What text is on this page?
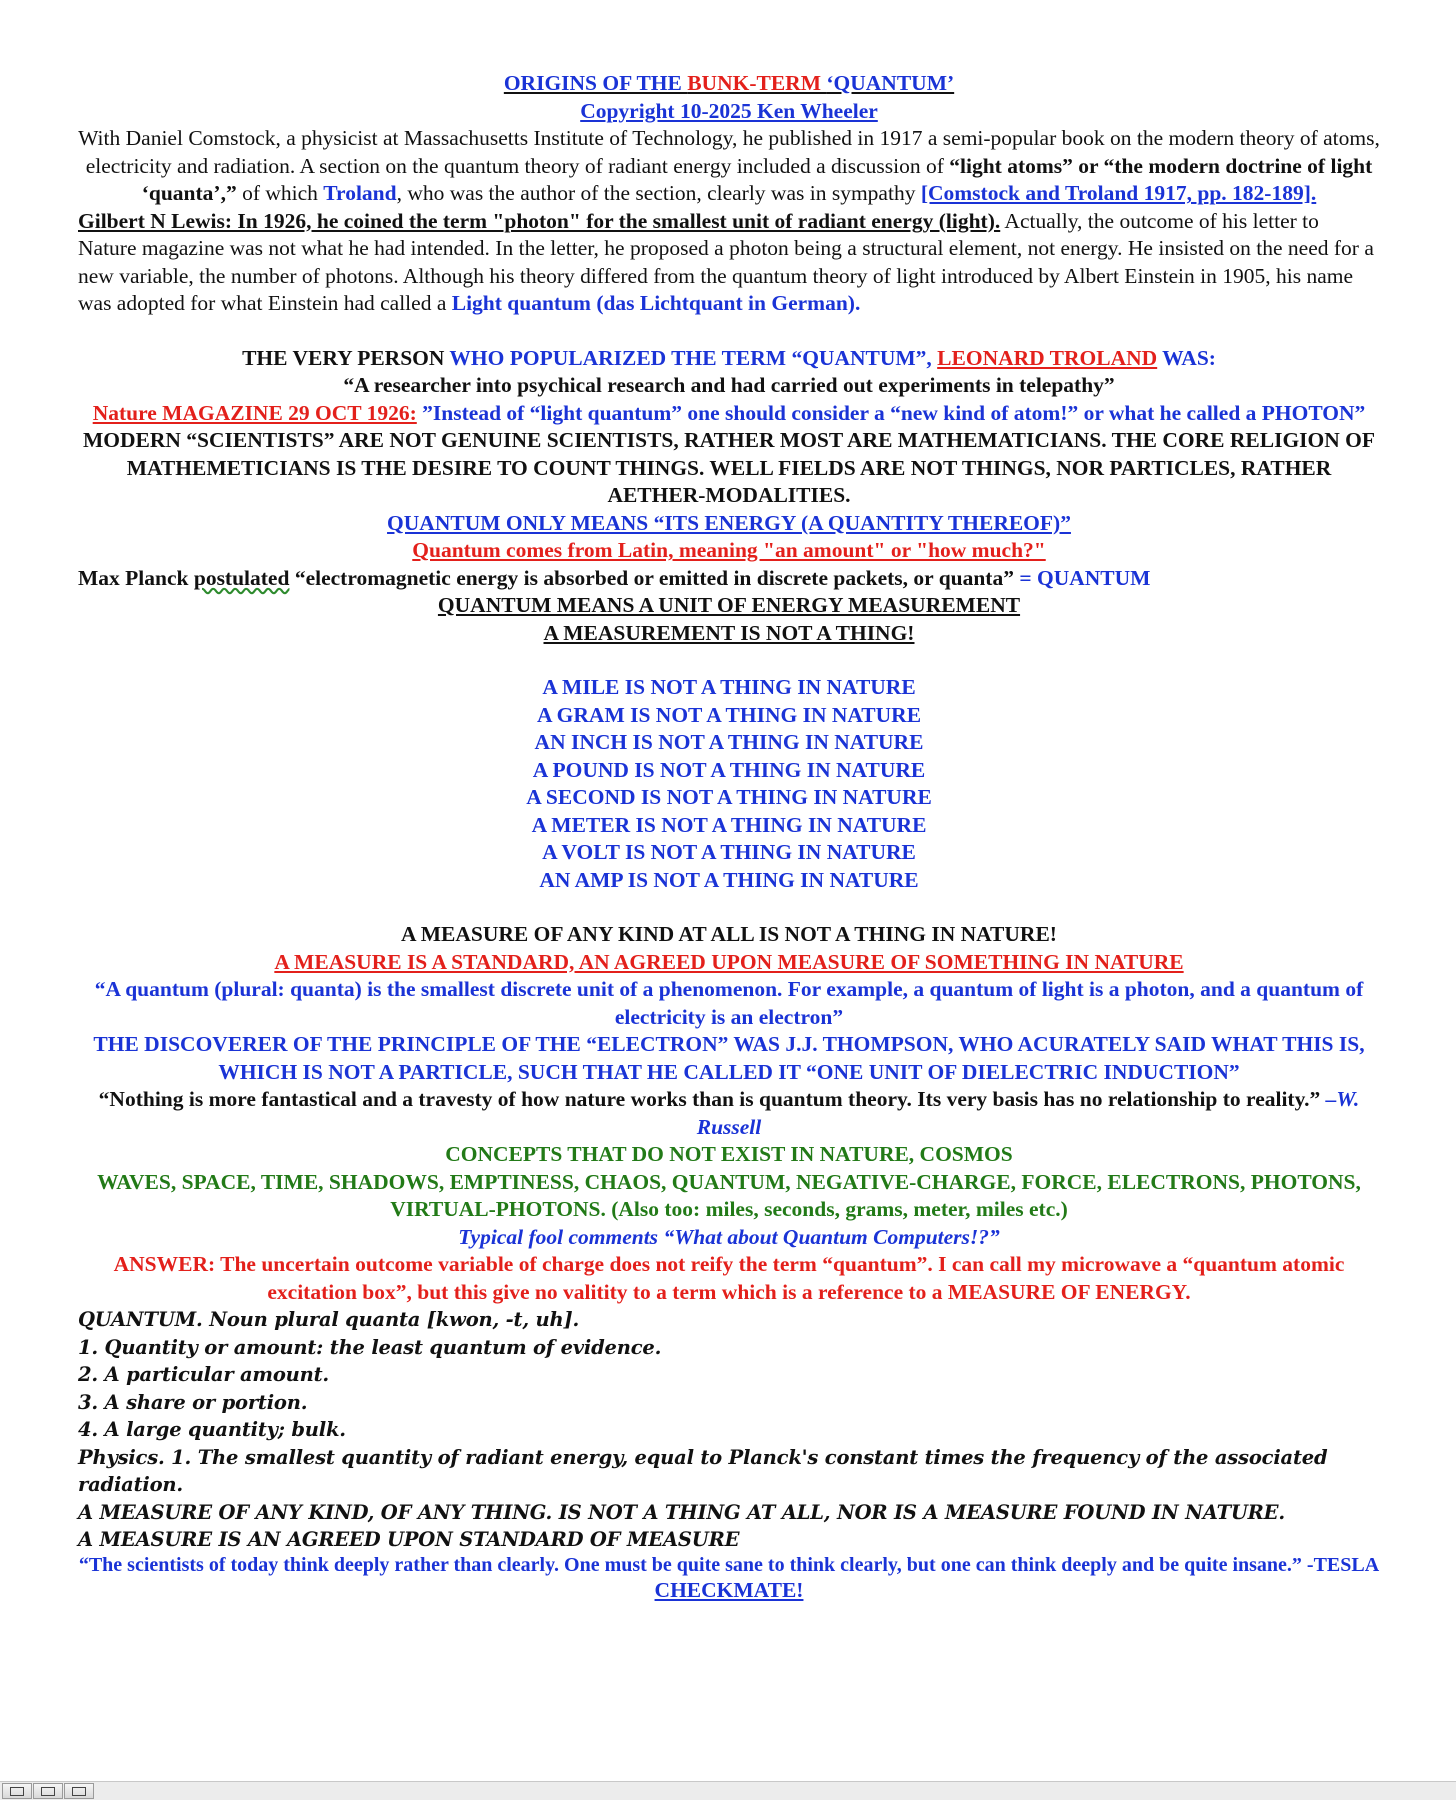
ORIGINS OF THE BUNK-TERM ‘QUANTUM’
Copyright 10-2025 Ken Wheeler
With Daniel Comstock, a physicist at Massachusetts Institute of Technology, he published in 1917 a semi-popular book on the modern theory of atoms, electricity and radiation. A section on the quantum theory of radiant energy included a discussion of “light atoms” or “the modern doctrine of light ‘quanta’,” of which Troland, who was the author of the section, clearly was in sympathy [Comstock and Troland 1917, pp. 182-189].
Gilbert N Lewis: In 1926, he coined the term "photon" for the smallest unit of radiant energy (light). Actually, the outcome of his letter to Nature magazine was not what he had intended. In the letter, he proposed a photon being a structural element, not energy. He insisted on the need for a new variable, the number of photons. Although his theory differed from the quantum theory of light introduced by Albert Einstein in 1905, his name was adopted for what Einstein had called a Light quantum (das Lichtquant in German).
THE VERY PERSON WHO POPULARIZED THE TERM “QUANTUM”, LEONARD TROLAND WAS:
“A researcher into psychical research and had carried out experiments in telepathy”
Nature MAGAZINE 29 OCT 1926: ”Instead of “light quantum” one should consider a “new kind of atom!” or what he called a PHOTON”
MODERN “SCIENTISTS” ARE NOT GENUINE SCIENTISTS, RATHER MOST ARE MATHEMATICIANS. THE CORE RELIGION OF MATHEMETICIANS IS THE DESIRE TO COUNT THINGS. WELL FIELDS ARE NOT THINGS, NOR PARTICLES, RATHER AETHER-MODALITIES.
QUANTUM ONLY MEANS “ITS ENERGY (A QUANTITY THEREOF)”
Quantum comes from Latin, meaning "an amount" or "how much?"
Max Planck postulated “electromagnetic energy is absorbed or emitted in discrete packets, or quanta” = QUANTUM
QUANTUM MEANS A UNIT OF ENERGY MEASUREMENT
A MEASUREMENT IS NOT A THING!
A MILE IS NOT A THING IN NATURE
A GRAM IS NOT A THING IN NATURE
AN INCH IS NOT A THING IN NATURE
A POUND IS NOT A THING IN NATURE
A SECOND IS NOT A THING IN NATURE
A METER IS NOT A THING IN NATURE
A VOLT IS NOT A THING IN NATURE
AN AMP IS NOT A THING IN NATURE
A MEASURE OF ANY KIND AT ALL IS NOT A THING IN NATURE!
A MEASURE IS A STANDARD, AN AGREED UPON MEASURE OF SOMETHING IN NATURE
“A quantum (plural: quanta) is the smallest discrete unit of a phenomenon. For example, a quantum of light is a photon, and a quantum of electricity is an electron”
THE DISCOVERER OF THE PRINCIPLE OF THE “ELECTRON” WAS J.J. THOMPSON, WHO ACURATELY SAID WHAT THIS IS, WHICH IS NOT A PARTICLE, SUCH THAT HE CALLED IT “ONE UNIT OF DIELECTRIC INDUCTION”
“Nothing is more fantastical and a travesty of how nature works than is quantum theory. Its very basis has no relationship to reality.” –W. Russell
CONCEPTS THAT DO NOT EXIST IN NATURE, COSMOS
WAVES, SPACE, TIME, SHADOWS, EMPTINESS, CHAOS, QUANTUM, NEGATIVE-CHARGE, FORCE, ELECTRONS, PHOTONS, VIRTUAL-PHOTONS. (Also too: miles, seconds, grams, meter, miles etc.)
Typical fool comments “What about Quantum Computers!?”
ANSWER: The uncertain outcome variable of charge does not reify the term “quantum”. I can call my microwave a “quantum atomic excitation box”, but this give no valitity to a term which is a reference to a MEASURE OF ENERGY.
QUANTUM. Noun plural quanta [kwon, -t, uh].
1. Quantity or amount: the least quantum of evidence.
2. A particular amount.
3. A share or portion.
4. A large quantity; bulk.
Physics. 1. The smallest quantity of radiant energy, equal to Planck's constant times the frequency of the associated radiation.
A MEASURE OF ANY KIND, OF ANY THING. IS NOT A THING AT ALL, NOR IS A MEASURE FOUND IN NATURE.
A MEASURE IS AN AGREED UPON STANDARD OF MEASURE
“The scientists of today think deeply rather than clearly. One must be quite sane to think clearly, but one can think deeply and be quite insane.” -TESLA
CHECKMATE!
